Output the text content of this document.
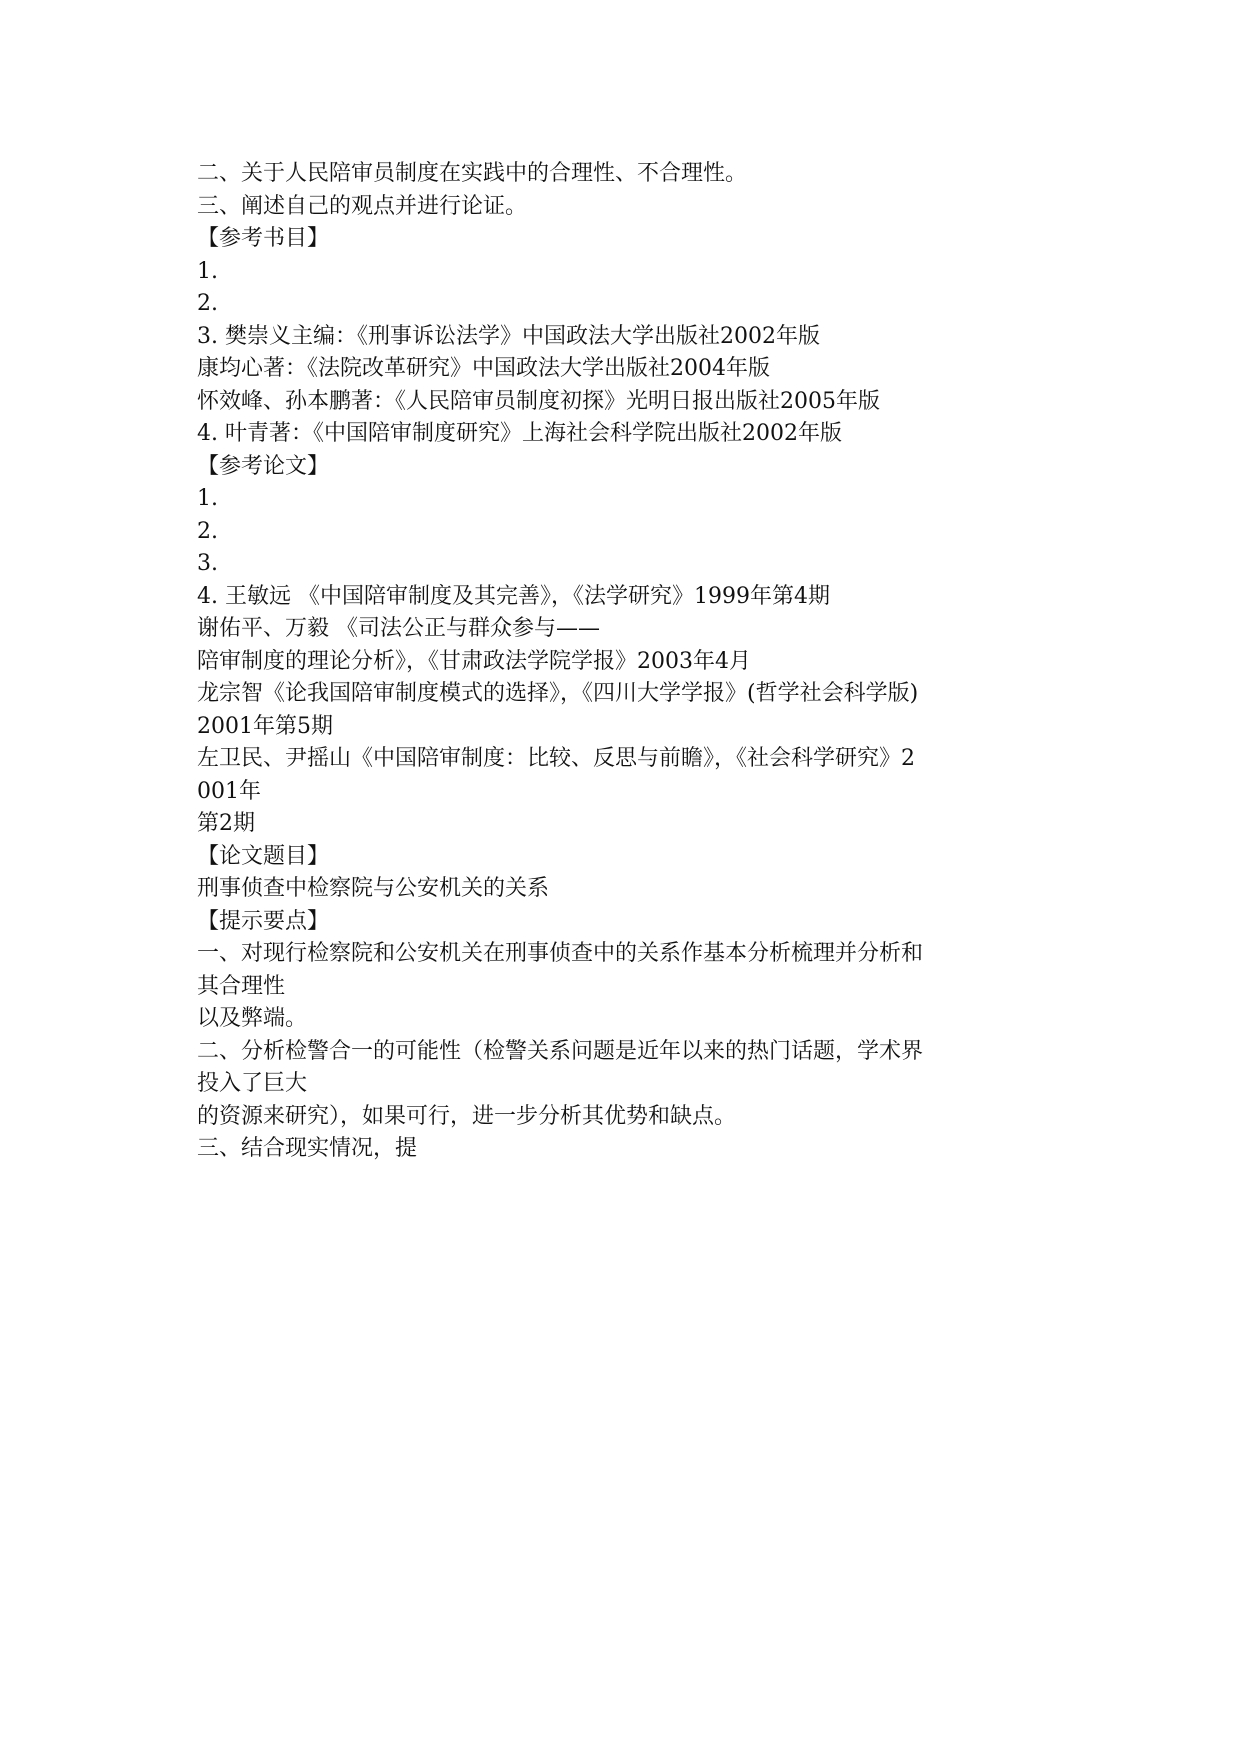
二、关于人民陪审员制度在实践中的合理性、不合理性。
三、阐述自己的观点并进行论证。
【参考书目】
1.
2.
3. 樊崇义主编：《刑事诉讼法学》中国政法大学出版社2002年版
康均心著：《法院改革研究》中国政法大学出版社2004年版
怀效峰、孙本鹏著：《人民陪审员制度初探》光明日报出版社2005年版
4. 叶青著：《中国陪审制度研究》上海社会科学院出版社2002年版
【参考论文】
1.
2.
3.
4. 王敏远 《中国陪审制度及其完善》，《法学研究》1999年第4期
谢佑平、万毅 《司法公正与群众参与——
陪审制度的理论分析》，《甘肃政法学院学报》2003年4月
龙宗智《论我国陪审制度模式的选择》，《四川大学学报》(哲学社会科学版)
2001年第5期
左卫民、尹摇山《中国陪审制度：比较、反思与前瞻》，《社会科学研究》2
001年
第2期
【论文题目】
刑事侦查中检察院与公安机关的关系
【提示要点】
一、对现行检察院和公安机关在刑事侦查中的关系作基本分析梳理并分析和
其合理性
以及弊端。
二、分析检警合一的可能性（检警关系问题是近年以来的热门话题，学术界
投入了巨大
的资源来研究），如果可行，进一步分析其优势和缺点。
三、结合现实情况，提
